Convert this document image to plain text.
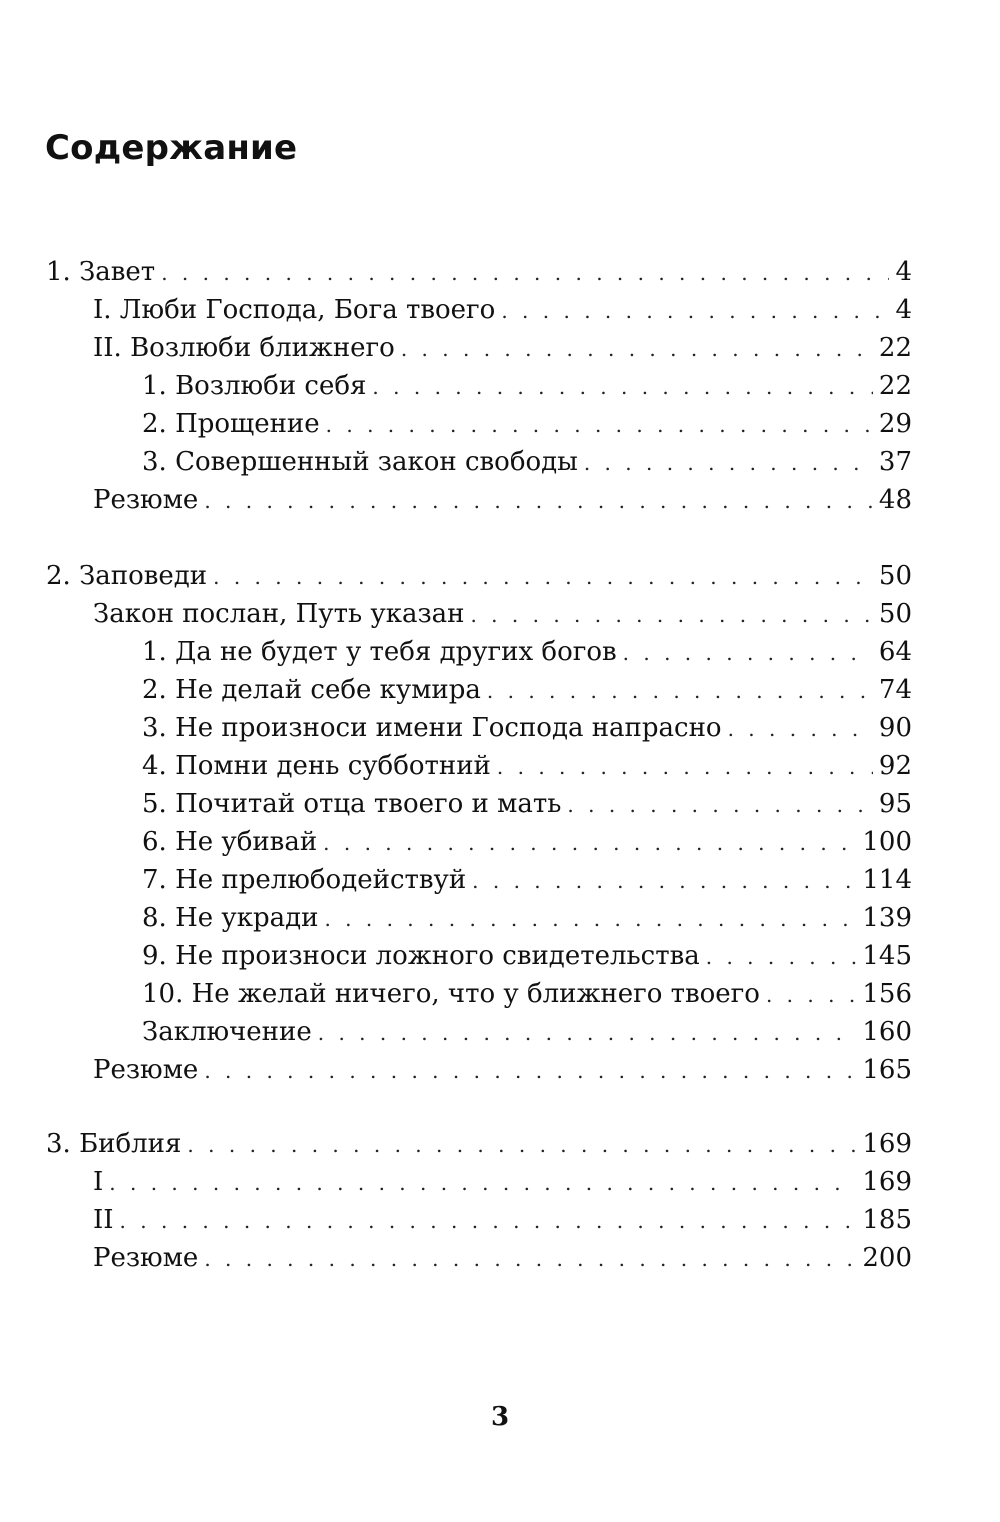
Содержание
1. Завет . . .	4
I. Люби Господа, Бога твоего . . .	4
II. Возлюби ближнего . . .	22
1. Возлюби себя . . .	22
2. Прощение . . .	29
3. Совершенный закон свободы . . .	37
Резюме . . .	48
2. Заповеди . . .	50
Закон послан, Путь указан . . .	50
1. Да не будет у тебя других богов . . .	64
2. Не делай себе кумира . . .	74
3. Не произноси имени Господа напрасно . . .	90
4. Помни день субботний . . .	92
5. Почитай отца твоего и мать . . .	95
6. Не убивай . . .	100
7. Не прелюбодействуй . . .	114
8. Не укради . . .	139
9. Не произноси ложного свидетельства . . .	145
10. Не желай ничего, что у ближнего твоего . . .	156
Заключение . . .	160
Резюме . . .	165
3. Библия . . .	169
I . . .	169
II . . .	185
Резюме . . .	200
3
